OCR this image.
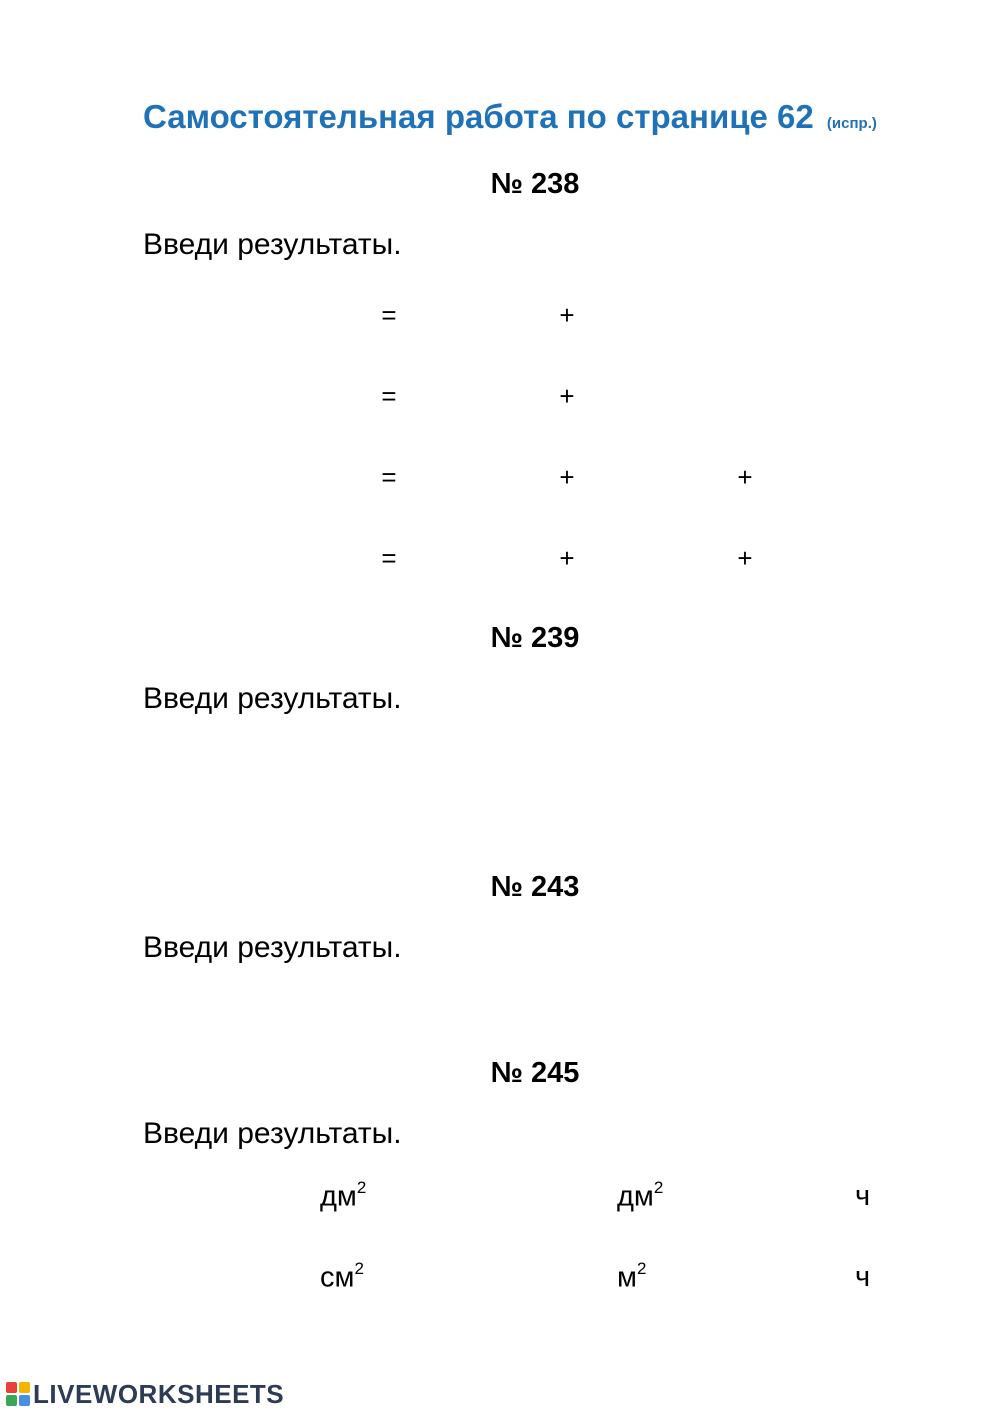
Самостоятельная работа по странице 62 (испр.)
№ 238
Введи результаты.
=	+
=	+
=	+	+
=	+	+
№ 239
Введи результаты.
№ 243
Введи результаты.
№ 245
Введи результаты.
$дм^2$	$дм^2$	ч
$см^2$	$м^2$	ч
LIVEWORKSHEETS
